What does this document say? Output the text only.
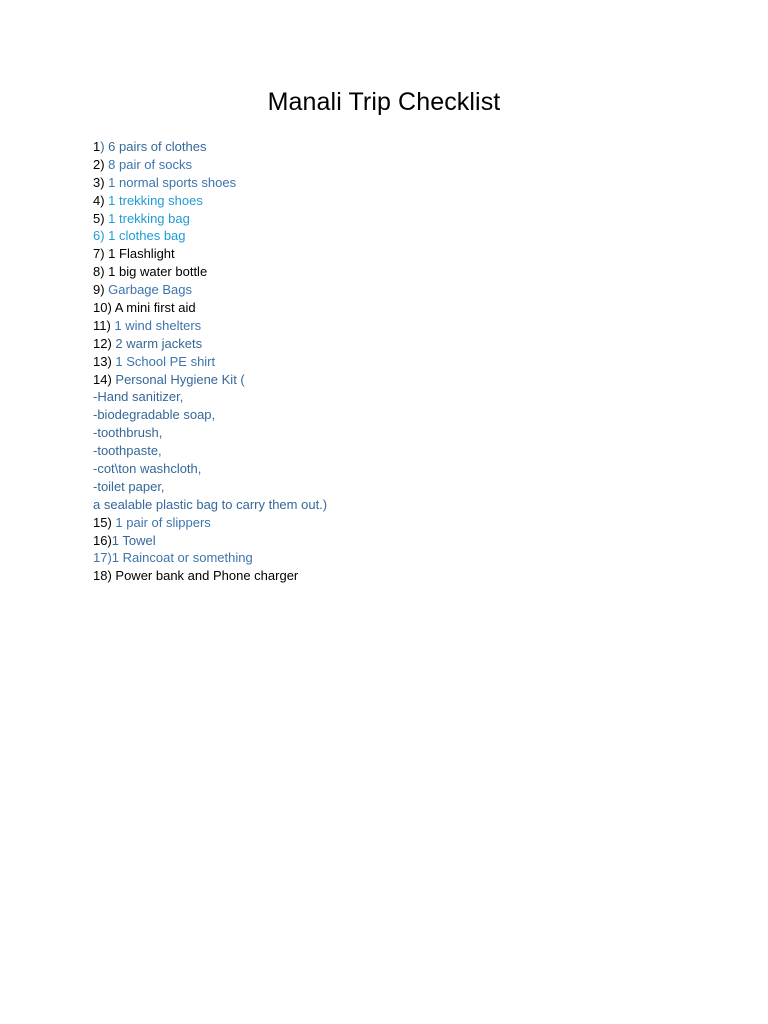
Manali Trip Checklist
1) 6 pairs of clothes
2) 8 pair of socks
3) 1 normal sports shoes
4) 1 trekking shoes
5) 1 trekking bag
6) 1 clothes bag
7) 1 Flashlight
8) 1 big water bottle
9) Garbage Bags
10) A mini first aid
11) 1 wind shelters
12) 2 warm jackets
13) 1 School PE shirt
14) Personal Hygiene Kit (
-Hand sanitizer,
-biodegradable soap,
-toothbrush,
-toothpaste,
-cot\ton washcloth,
-toilet paper,
a sealable plastic bag to carry them out.)
15) 1 pair of slippers
16)1 Towel
17)1 Raincoat or something
18) Power bank and Phone charger
